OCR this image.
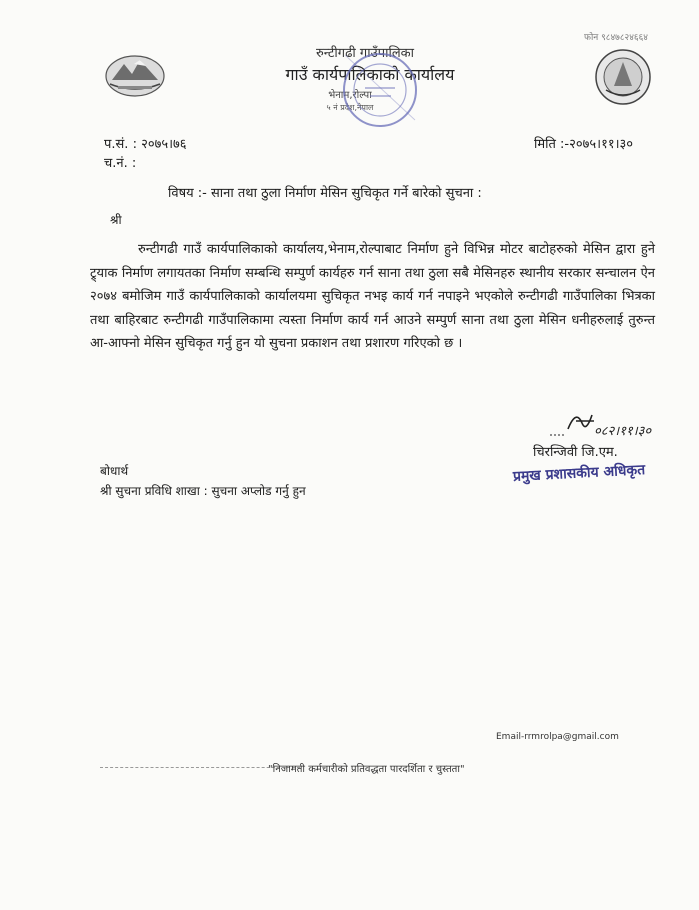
फोन ९८४७८२४६६४
रुन्टीगढी गाउँपालिका
गाउँ कार्यपालिकाको कार्यालय
भेनाम,रोल्पा
५ नं प्रदेश,नेपाल
प.सं. : २०७५।७६
च.नं. :
मिति :-२०७५।११।३०
विषय :- साना तथा ठुला निर्माण मेसिन सुचिकृत गर्ने बारेको सुचना :
श्री
रुन्टीगढी गाउँ कार्यपालिकाको कार्यालय,भेनाम,रोल्पाबाट निर्माण हुने विभिन्न मोटर बाटोहरुको मेसिन द्वारा हुने ट्र्याक निर्माण लगायतका निर्माण सम्बन्धि सम्पुर्ण कार्यहरु गर्न साना तथा ठुला सबै मेसिनहरु स्थानीय सरकार सन्चालन ऐन २०७४ बमोजिम गाउँ कार्यपालिकाको कार्यालयमा सुचिकृत नभइ कार्य गर्न नपाइने भएकोले रुन्टीगढी गाउँपालिका भित्रका तथा बाहिरबाट रुन्टीगढी गाउँपालिकामा त्यस्ता निर्माण कार्य गर्न आउने सम्पुर्ण साना तथा ठुला मेसिन धनीहरुलाई तुरुन्त आ-आफ्नो मेसिन सुचिकृत गर्नु हुन यो सुचना प्रकाशन तथा प्रशारण गरिएको छ ।
०८२।११।३०
चिरन्जिवी जि.एम.
प्रमुख प्रशासकीय अधिकृत
बोधार्थ
श्री सुचना प्रविधि शाखा : सुचना अप्लोड गर्नु हुन
Email-rrmrolpa@gmail.com
"निजामती कर्मचारीको प्रतिवद्धता पारदर्शिता र चुस्तता"
